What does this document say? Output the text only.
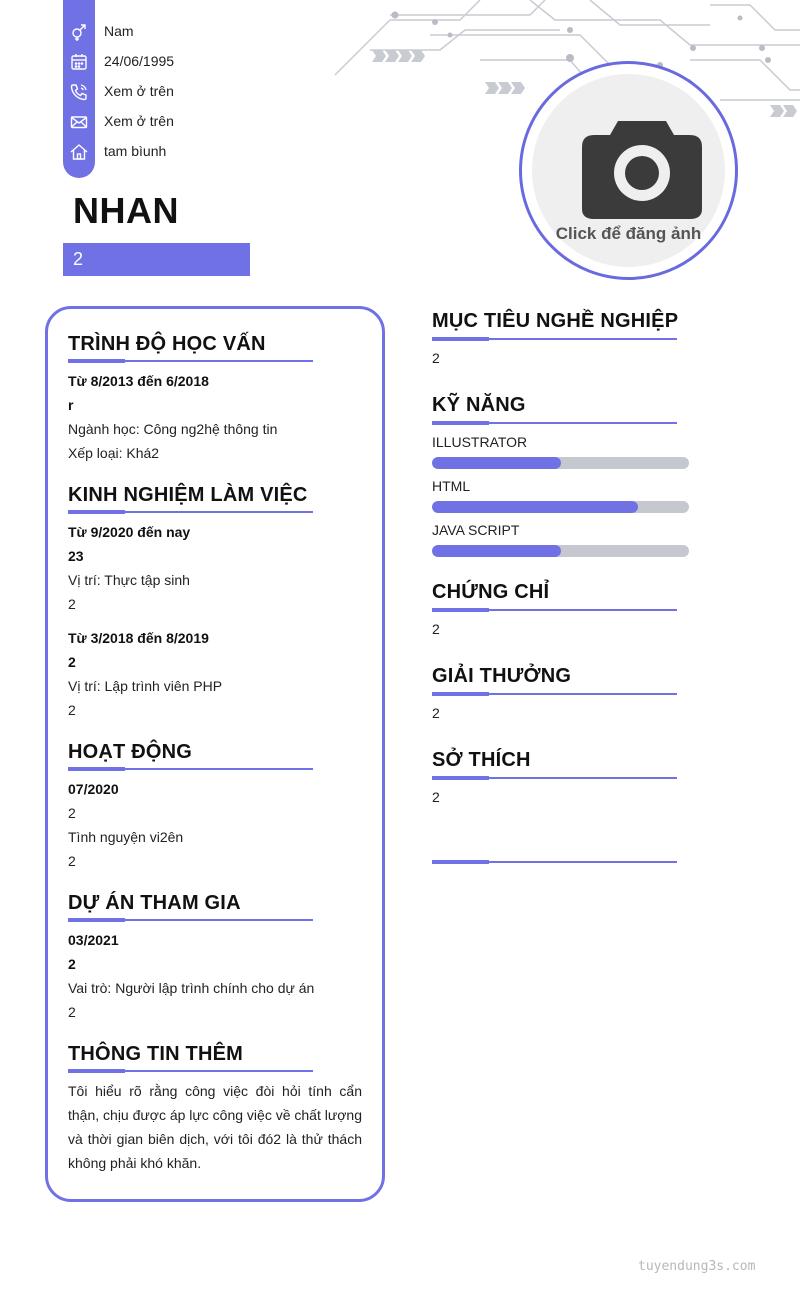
Nam
24/06/1995
Xem ở trên
Xem ở trên
tam bìunh
NHAN
2
Click để đăng ảnh
TRÌNH ĐỘ HỌC VẤN
Từ 8/2013 đến 6/2018
r
Ngành học: Công ng2hệ thông tin
Xếp loại: Khá2
KINH NGHIỆM LÀM VIỆC
Từ 9/2020 đến nay
23
Vị trí: Thực tập sinh
2
Từ 3/2018 đến 8/2019
2
Vị trí: Lập trình viên PHP
2
HOẠT ĐỘNG
07/2020
2
Tình nguyện vi2ên
2
DỰ ÁN THAM GIA
03/2021
2
Vai trò: Người lập trình chính cho dự án
2
THÔNG TIN THÊM
Tôi hiểu rõ rằng công việc đòi hỏi tính cẩn thận, chịu được áp lực công việc về chất lượng và thời gian biên dịch, với tôi đó2 là thử thách không phải khó khăn.
MỤC TIÊU NGHỀ NGHIỆP
2
KỸ NĂNG
ILLUSTRATOR
HTML
JAVA SCRIPT
CHỨNG CHỈ
2
GIẢI THƯỞNG
2
SỞ THÍCH
2
tuyendung3s.com
